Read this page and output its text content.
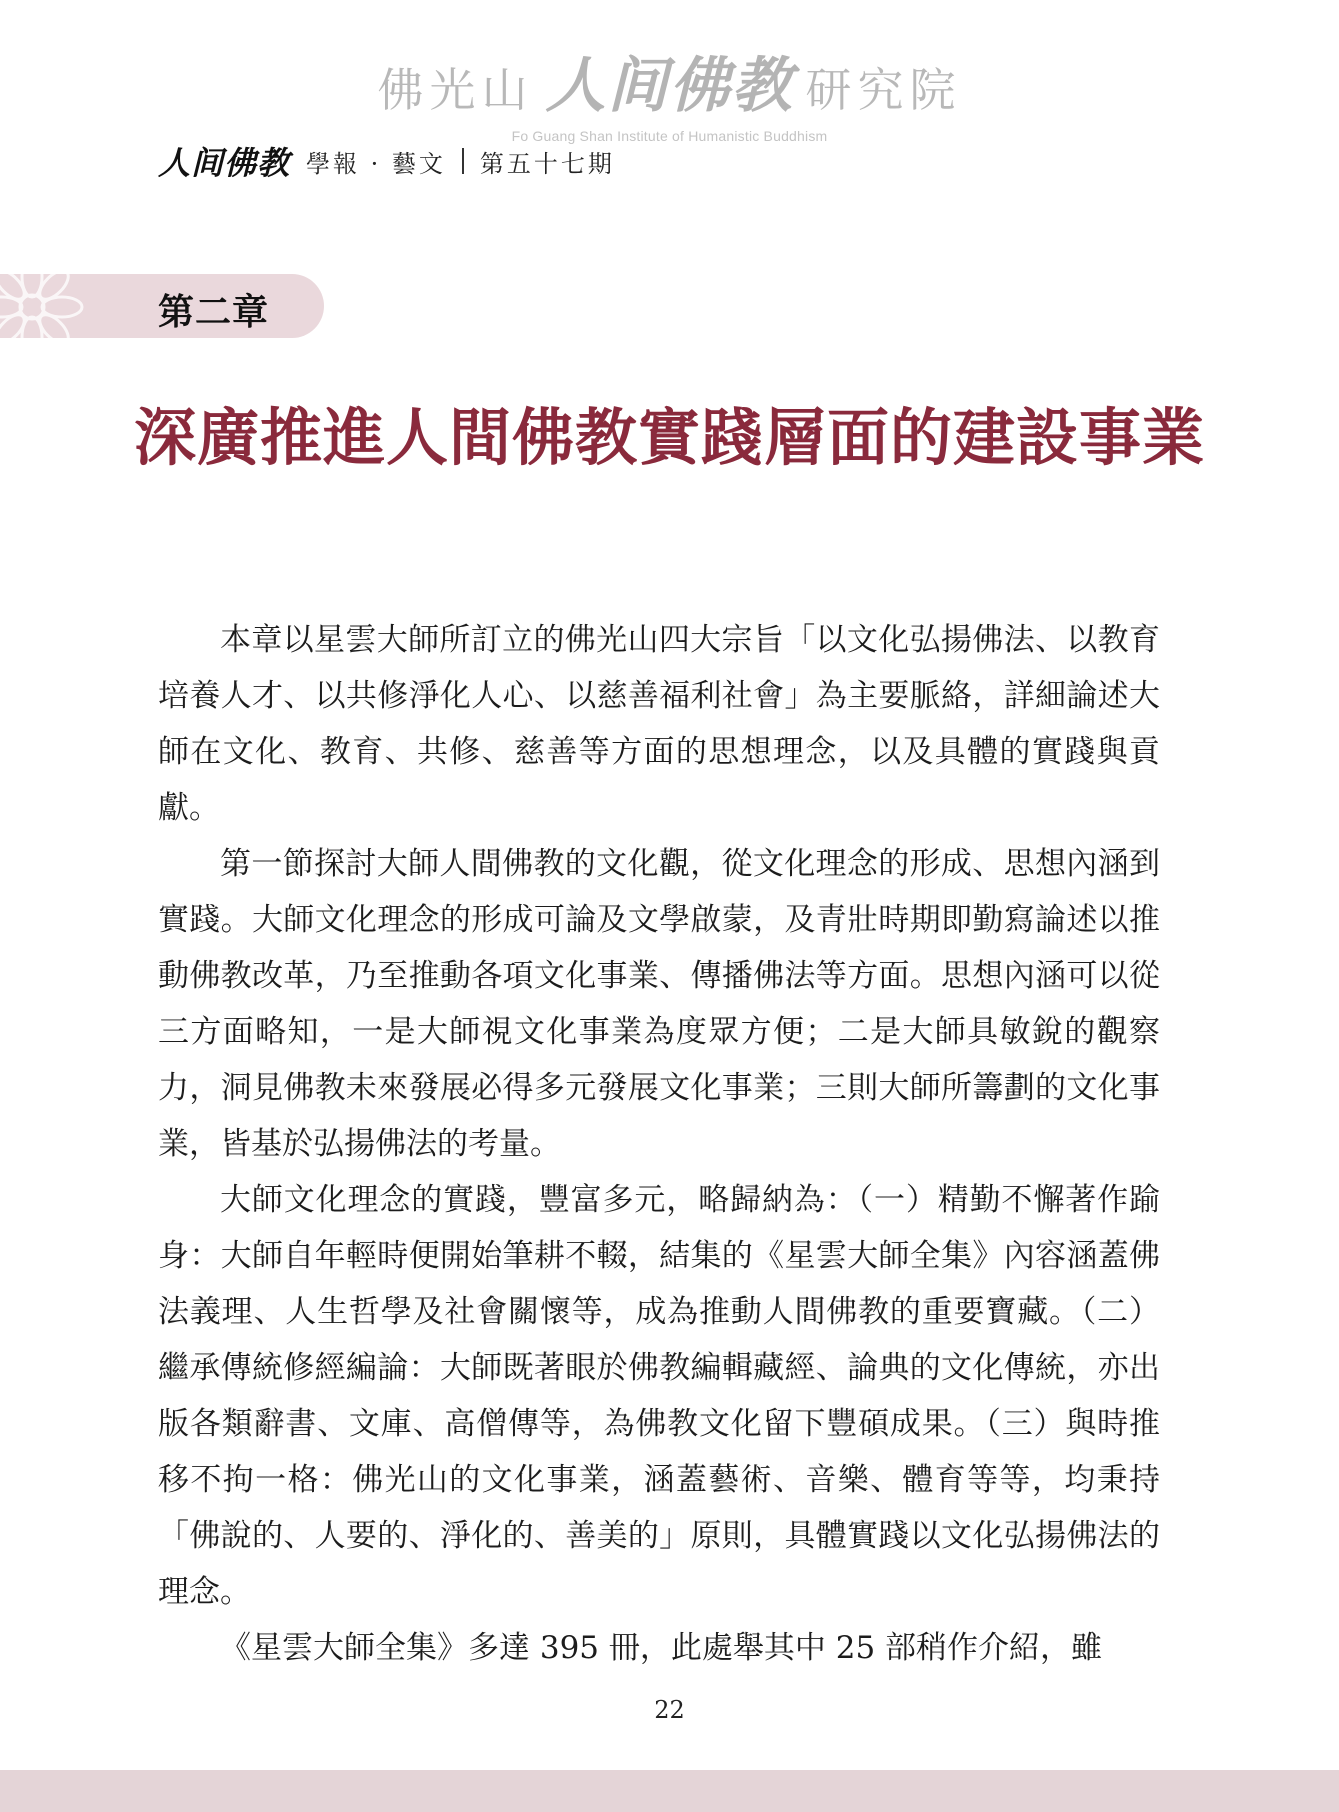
佛光山 人间佛教 研究院
Fo Guang Shan Institute of Humanistic Buddhism
人间佛教 學報 · 藝文 第五十七期
第二章
深廣推進人間佛教實踐層面的建設事業

本章以星雲大師所訂立的佛光山四大宗旨「以文化弘揚佛法、以教育培養人才、以共修淨化人心、以慈善福利社會」為主要脈絡，詳細論述大師在文化、教育、共修、慈善等方面的思想理念，以及具體的實踐與貢獻。

第一節探討大師人間佛教的文化觀，從文化理念的形成、思想內涵到實踐。大師文化理念的形成可論及文學啟蒙，及青壯時期即勤寫論述以推動佛教改革，乃至推動各項文化事業、傳播佛法等方面。思想內涵可以從三方面略知，一是大師視文化事業為度眾方便；二是大師具敏銳的觀察力，洞見佛教未來發展必得多元發展文化事業；三則大師所籌劃的文化事業，皆基於弘揚佛法的考量。

大師文化理念的實踐，豐富多元，略歸納為：（一）精勤不懈著作踰身：大師自年輕時便開始筆耕不輟，結集的《星雲大師全集》內容涵蓋佛法義理、人生哲學及社會關懷等，成為推動人間佛教的重要寶藏。（二）繼承傳統修經編論：大師既著眼於佛教編輯藏經、論典的文化傳統，亦出版各類辭書、文庫、高僧傳等，為佛教文化留下豐碩成果。（三）與時推移不拘一格：佛光山的文化事業，涵蓋藝術、音樂、體育等等，均秉持「佛說的、人要的、淨化的、善美的」原則，具體實踐以文化弘揚佛法的理念。

《星雲大師全集》多達 395 冊，此處舉其中 25 部稍作介紹，雖

22
